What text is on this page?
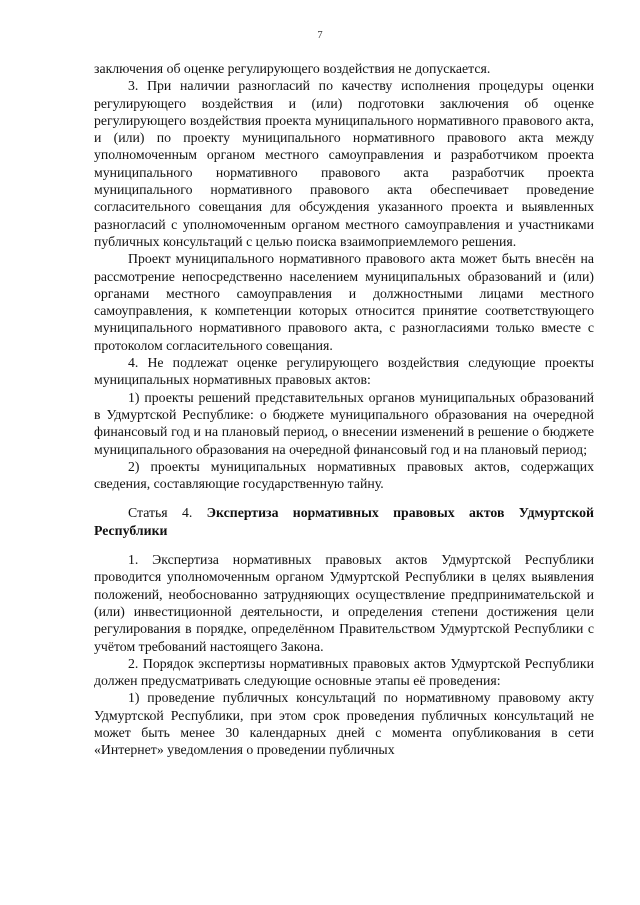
7

заключения об оценке регулирующего воздействия не допускается.

3. При наличии разногласий по качеству исполнения процедуры оценки регулирующего воздействия и (или) подготовки заключения об оценке регулирующего воздействия проекта муниципального нормативного правового акта, и (или) по проекту муниципального нормативного правового акта между уполномоченным органом местного самоуправления и разработчиком проекта муниципального нормативного правового акта разработчик проекта муниципального нормативного правового акта обеспечивает проведение согласительного совещания для обсуждения указанного проекта и выявленных разногласий с уполномоченным органом местного самоуправления и участниками публичных консультаций с целью поиска взаимоприемлемого решения.

Проект муниципального нормативного правового акта может быть внесён на рассмотрение непосредственно населением муниципальных образований и (или) органами местного самоуправления и должностными лицами местного самоуправления, к компетенции которых относится принятие соответствующего муниципального нормативного правового акта, с разногласиями только вместе с протоколом согласительного совещания.

4. Не подлежат оценке регулирующего воздействия следующие проекты муниципальных нормативных правовых актов:

1) проекты решений представительных органов муниципальных образований в Удмуртской Республике: о бюджете муниципального образования на очередной финансовый год и на плановый период, о внесении изменений в решение о бюджете муниципального образования на очередной финансовый год и на плановый период;

2) проекты муниципальных нормативных правовых актов, содержащих сведения, составляющие государственную тайну.

Статья 4. Экспертиза нормативных правовых актов Удмуртской Республики

1. Экспертиза нормативных правовых актов Удмуртской Республики проводится уполномоченным органом Удмуртской Республики в целях выявления положений, необоснованно затрудняющих осуществление предпринимательской и (или) инвестиционной деятельности, и определения степени достижения цели регулирования в порядке, определённом Правительством Удмуртской Республики с учётом требований настоящего Закона.

2. Порядок экспертизы нормативных правовых актов Удмуртской Республики должен предусматривать следующие основные этапы её проведения:

1) проведение публичных консультаций по нормативному правовому акту Удмуртской Республики, при этом срок проведения публичных консультаций не может быть менее 30 календарных дней с момента опубликования в сети «Интернет» уведомления о проведении публичных
